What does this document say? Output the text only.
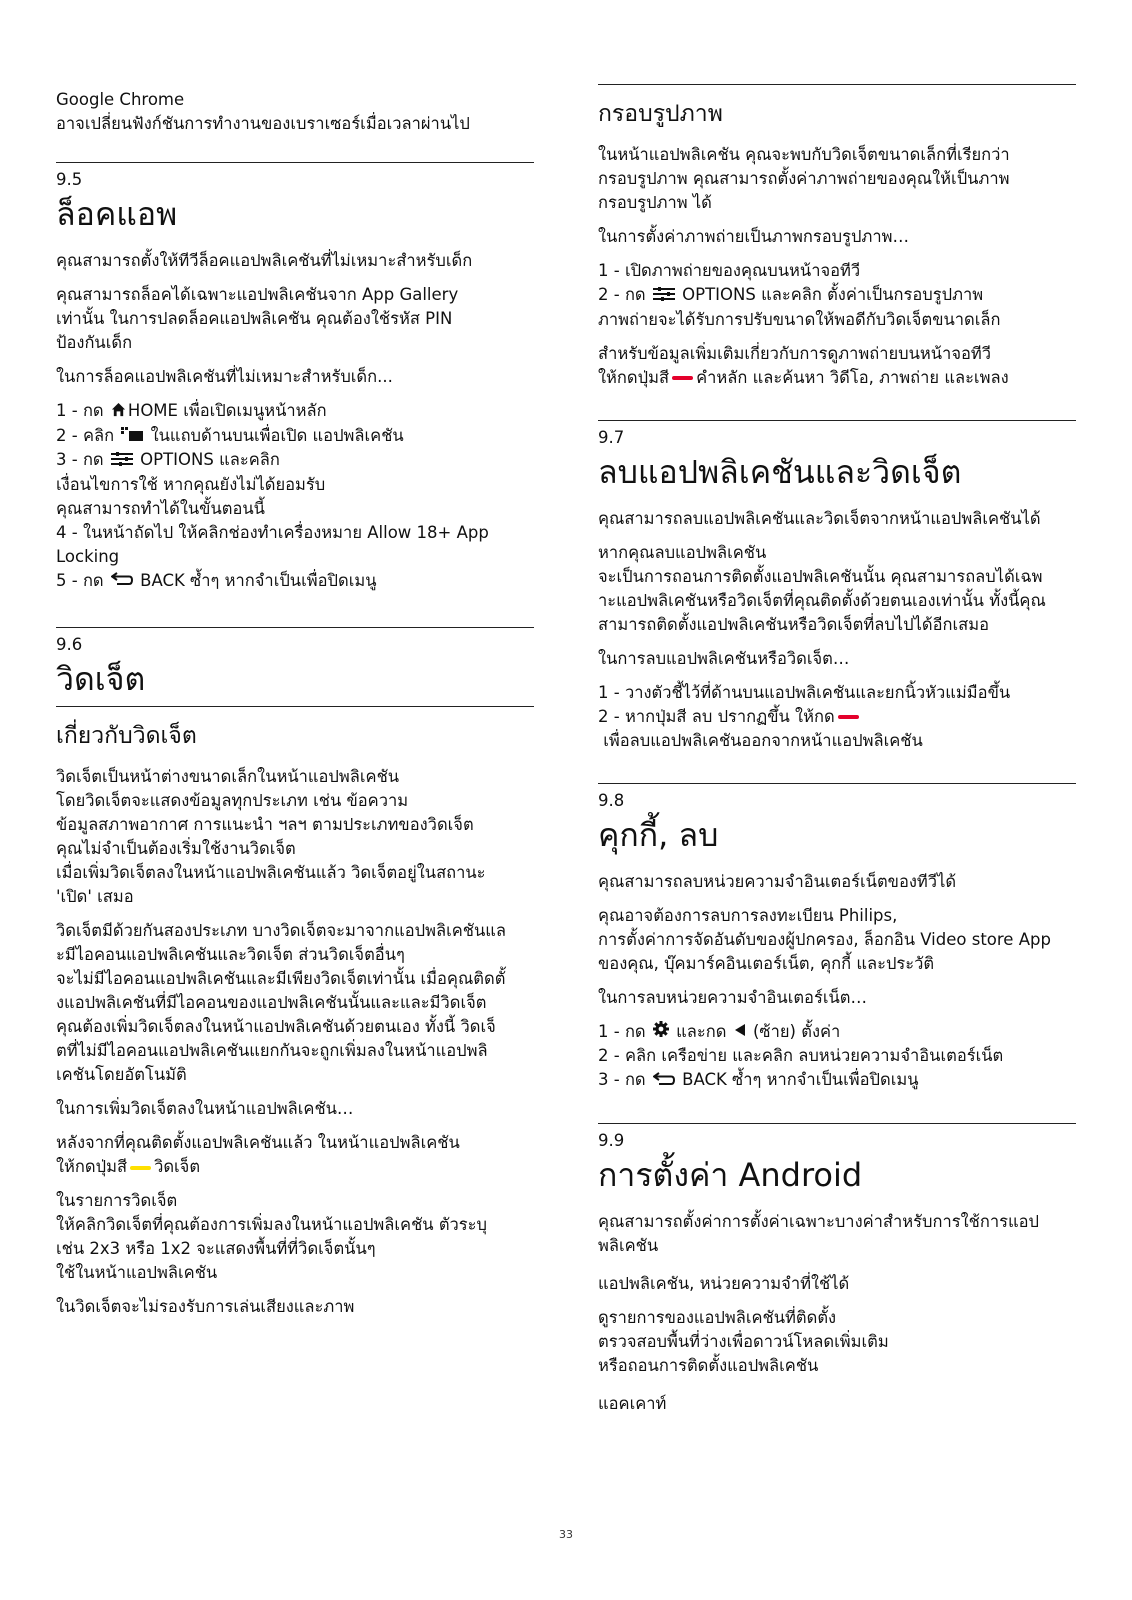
Google Chrome
อาจเปลี่ยนฟังก์ชันการทำงานของเบราเซอร์เมื่อเวลาผ่านไป

9.5

ล็อคแอพ

คุณสามารถตั้งให้ทีวีล็อคแอปพลิเคชันที่ไม่เหมาะสำหรับเด็ก

คุณสามารถล็อคได้เฉพาะแอปพลิเคชันจาก App Gallery
เท่านั้น ในการปลดล็อคแอปพลิเคชัน คุณต้องใช้รหัส PIN
ป้องกันเด็ก

ในการล็อคแอปพลิเคชันที่ไม่เหมาะสำหรับเด็ก...

1 - กด HOME เพื่อเปิดเมนูหน้าหลัก
2 - คลิก ในแถบด้านบนเพื่อเปิด แอปพลิเคชัน
3 - กด OPTIONS และคลิก
เงื่อนไขการใช้ หากคุณยังไม่ได้ยอมรับ
คุณสามารถทำได้ในขั้นตอนนี้
4 - ในหน้าถัดไป ให้คลิกช่องทำเครื่องหมาย Allow 18+ App
Locking
5 - กด BACK ซ้ำๆ หากจำเป็นเพื่อปิดเมนู

9.6

วิดเจ็ต
เกี่ยวกับวิดเจ็ต

วิดเจ็ตเป็นหน้าต่างขนาดเล็กในหน้าแอปพลิเคชัน
โดยวิดเจ็ตจะแสดงข้อมูลทุกประเภท เช่น ข้อความ
ข้อมูลสภาพอากาศ การแนะนำ ฯลฯ ตามประเภทของวิดเจ็ต
คุณไม่จำเป็นต้องเริ่มใช้งานวิดเจ็ต
เมื่อเพิ่มวิดเจ็ตลงในหน้าแอปพลิเคชันแล้ว วิดเจ็ตอยู่ในสถานะ
'เปิด' เสมอ

วิดเจ็ตมีด้วยกันสองประเภท บางวิดเจ็ตจะมาจากแอปพลิเคชันแล
ะมีไอคอนแอปพลิเคชันและวิดเจ็ต ส่วนวิดเจ็ตอื่นๆ
จะไม่มีไอคอนแอปพลิเคชันและมีเพียงวิดเจ็ตเท่านั้น เมื่อคุณติดตั้
งแอปพลิเคชันที่มีไอคอนของแอปพลิเคชันนั้นและและมีวิดเจ็ต
คุณต้องเพิ่มวิดเจ็ตลงในหน้าแอปพลิเคชันด้วยตนเอง ทั้งนี้ วิดเจ็
ตที่ไม่มีไอคอนแอปพลิเคชันแยกกันจะถูกเพิ่มลงในหน้าแอปพลิ
เคชันโดยอัตโนมัติ

ในการเพิ่มวิดเจ็ตลงในหน้าแอปพลิเคชัน…

หลังจากที่คุณติดตั้งแอปพลิเคชันแล้ว ในหน้าแอปพลิเคชัน
ให้กดปุ่มสี วิดเจ็ต

ในรายการวิดเจ็ต
ให้คลิกวิดเจ็ตที่คุณต้องการเพิ่มลงในหน้าแอปพลิเคชัน ตัวระบุ
เช่น 2x3 หรือ 1x2 จะแสดงพื้นที่ที่วิดเจ็ตนั้นๆ
ใช้ในหน้าแอปพลิเคชัน

ในวิดเจ็ตจะไม่รองรับการเล่นเสียงและภาพ

กรอบรูปภาพ

ในหน้าแอปพลิเคชัน คุณจะพบกับวิดเจ็ตขนาดเล็กที่เรียกว่า
กรอบรูปภาพ คุณสามารถตั้งค่าภาพถ่ายของคุณให้เป็นภาพ
กรอบรูปภาพ ได้

ในการตั้งค่าภาพถ่ายเป็นภาพกรอบรูปภาพ…

1 - เปิดภาพถ่ายของคุณบนหน้าจอทีวี
2 - กด OPTIONS และคลิก ตั้งค่าเป็นกรอบรูปภาพ
ภาพถ่ายจะได้รับการปรับขนาดให้พอดีกับวิดเจ็ตขนาดเล็ก

สำหรับข้อมูลเพิ่มเติมเกี่ยวกับการดูภาพถ่ายบนหน้าจอทีวี
ให้กดปุ่มสี คำหลัก และค้นหา วิดีโอ, ภาพถ่าย และเพลง

9.7

ลบแอปพลิเคชันและวิดเจ็ต

คุณสามารถลบแอปพลิเคชันและวิดเจ็ตจากหน้าแอปพลิเคชันได้

หากคุณลบแอปพลิเคชัน
จะเป็นการถอนการติดตั้งแอปพลิเคชันนั้น คุณสามารถลบได้เฉพ
าะแอปพลิเคชันหรือวิดเจ็ตที่คุณติดตั้งด้วยตนเองเท่านั้น ทั้งนี้คุณ
สามารถติดตั้งแอปพลิเคชันหรือวิดเจ็ตที่ลบไปได้อีกเสมอ

ในการลบแอปพลิเคชันหรือวิดเจ็ต…

1 - วางตัวชี้ไว้ที่ด้านบนแอปพลิเคชันและยกนิ้วหัวแม่มือขึ้น
2 - หากปุ่มสี ลบ ปรากฏขึ้น ให้กด
เพื่อลบแอปพลิเคชันออกจากหน้าแอปพลิเคชัน

9.8

คุกกี้, ลบ

คุณสามารถลบหน่วยความจำอินเตอร์เน็ตของทีวีได้

คุณอาจต้องการลบการลงทะเบียน Philips,
การตั้งค่าการจัดอันดับของผู้ปกครอง, ล็อกอิน Video store App
ของคุณ, บุ๊คมาร์คอินเตอร์เน็ต, คุกกี้ และประวัติ

ในการลบหน่วยความจำอินเตอร์เน็ต…

1 - กด และกด (ซ้าย) ตั้งค่า
2 - คลิก เครือข่าย และคลิก ลบหน่วยความจำอินเตอร์เน็ต
3 - กด BACK ซ้ำๆ หากจำเป็นเพื่อปิดเมนู

9.9

การตั้งค่า Android

คุณสามารถตั้งค่าการตั้งค่าเฉพาะบางค่าสำหรับการใช้การแอป
พลิเคชัน

แอปพลิเคชัน, หน่วยความจำที่ใช้ได้

ดูรายการของแอปพลิเคชันที่ติดตั้ง
ตรวจสอบพื้นที่ว่างเพื่อดาวน์โหลดเพิ่มเติม
หรือถอนการติดตั้งแอปพลิเคชัน

แอคเคาท์

33
